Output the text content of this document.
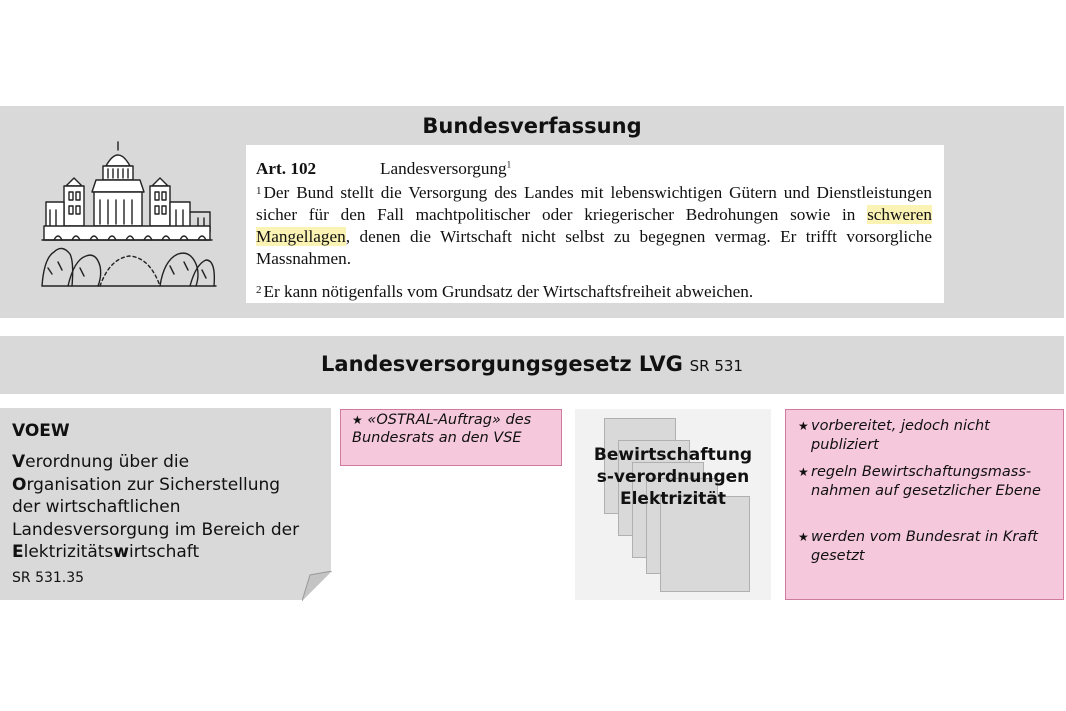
Bundesverfassung
Art. 102	Landesversorgung$^1$
$^1$ Der Bund stellt die Versorgung des Landes mit lebenswichtigen Gütern und Dienstleistungen sicher für den Fall machtpolitischer oder kriegerischer Bedrohungen sowie in schweren Mangellagen, denen die Wirtschaft nicht selbst zu begegnen vermag. Er trifft vorsorgliche Massnahmen.
$^2$ Er kann nötigenfalls vom Grundsatz der Wirtschaftsfreiheit abweichen.
Landesversorgungsgesetz LVG SR 531
VOEW
Verordnung über die
Organisation zur Sicherstellung
der wirtschaftlichen
Landesversorgung im Bereich der
Elektrizitätswirtschaft
SR 531.35
★ «OSTRAL-Auftrag» des Bundesrats an den VSE
Bewirtschaftung
s-verordnungen
Elektrizität
★ vorbereitet, jedoch nicht publiziert
★ regeln Bewirtschaftungsmass-nahmen auf gesetzlicher Ebene
★ werden vom Bundesrat in Kraft gesetzt
